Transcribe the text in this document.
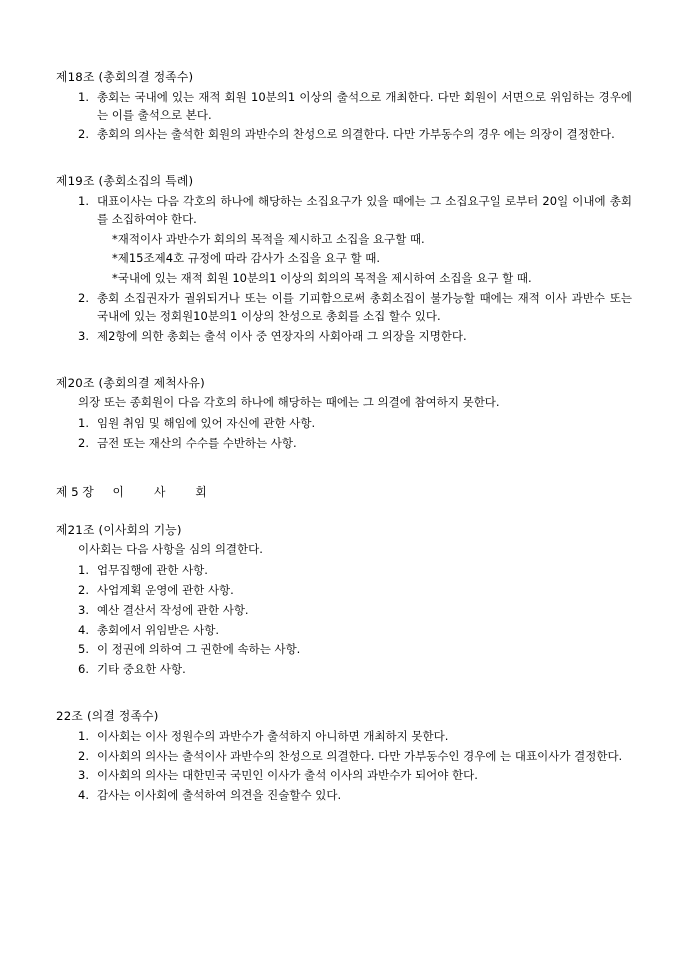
제18조 (총회의결 정족수)
1. 총회는 국내에 있는 재적 회원 10분의1 이상의 출석으로 개최한다. 다만 회원이 서면으로 위임하는 경우에는 이를 출석으로 본다.
2. 총회의 의사는 출석한 회원의 과반수의 찬성으로 의결한다. 다만 가부동수의 경우 에는 의장이 결정한다.
제19조 (총회소집의 특례)
1. 대표이사는 다음 각호의 하나에 해당하는 소집요구가 있을 때에는 그 소집요구일 로부터 20일 이내에 총회를 소집하여야 한다.
*재적이사 과반수가 회의의 목적을 제시하고 소집을 요구할 때.
*제15조제4호 규정에 따라 감사가 소집을 요구 할 때.
*국내에 있는 재적 회원 10분의1 이상의 회의의 목적을 제시하여 소집을 요구 할 때.
2. 총회 소집권자가 궐위되거나 또는 이를 기피함으로써 총회소집이 불가능할 때에는 재적 이사 과반수 또는 국내에 있는 정회원10분의1 이상의 찬성으로 총회를 소집 할수 있다.
3. 제2항에 의한 총회는 출석 이사 중 연장자의 사회아래 그 의장을 지명한다.
제20조 (총회의결 제척사유)
의장 또는 종회원이 다음 각호의 하나에 해당하는 때에는 그 의결에 참여하지 못한다.
1. 임원 취임 및 해임에 있어 자신에 관한 사항.
2. 금전 또는 재산의 수수를 수반하는 사항.
제 5 장     이        사        회
제21조 (이사회의 기능)
이사회는 다음 사항을 심의 의결한다.
1. 업무집행에 관한 사항.
2. 사업계획 운영에 관한 사항.
3. 예산 결산서 작성에 관한 사항.
4. 총회에서 위임받은 사항.
5. 이 정권에 의하여 그 권한에 속하는 사항.
6. 기타 중요한 사항.
22조 (의결 정족수)
1. 이사회는 이사 정원수의 과반수가 출석하지 아니하면 개최하지 못한다.
2. 이사회의 의사는 출석이사 과반수의 찬성으로 의결한다. 다만 가부동수인 경우에 는 대표이사가 결정한다.
3. 이사회의 의사는 대한민국 국민인 이사가 출석 이사의 과반수가 되어야 한다.
4. 감사는 이사회에 출석하여 의견을 진술할수 있다.
